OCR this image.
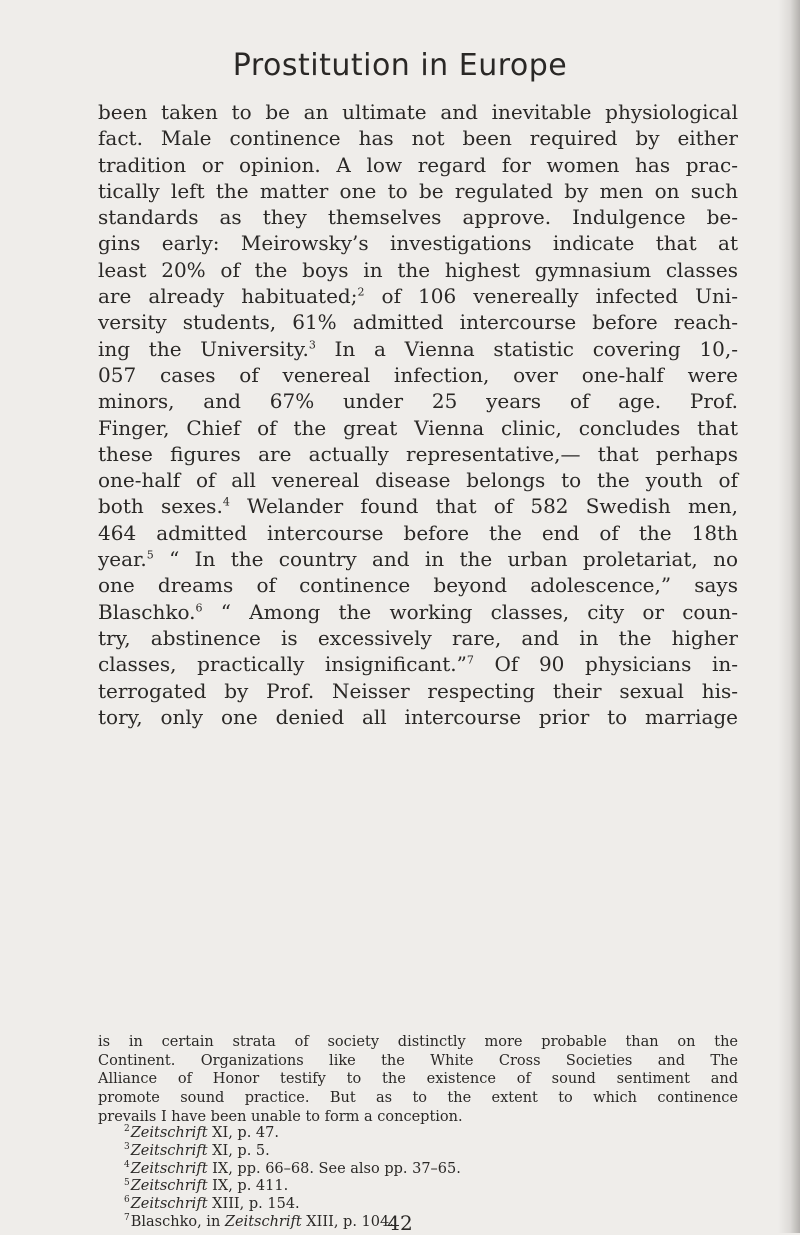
Prostitution in Europe
been taken to be an ultimate and inevitable physiological
fact. Male continence has not been required by either
tradition or opinion. A low regard for women has prac-
tically left the matter one to be regulated by men on such
standards as they themselves approve. Indulgence be-
gins early: Meirowsky’s investigations indicate that at
least 20% of the boys in the highest gymnasium classes
are already habituated;$^2$ of 106 venereally infected Uni-
versity students, 61% admitted intercourse before reach-
ing the University.$^3$ In a Vienna statistic covering 10,-
057 cases of venereal infection, over one-half were
minors, and 67% under 25 years of age. Prof.
Finger, Chief of the great Vienna clinic, concludes that
these figures are actually representative,— that perhaps
one-half of all venereal disease belongs to the youth of
both sexes.$^4$ Welander found that of 582 Swedish men,
464 admitted intercourse before the end of the 18th
year.$^5$ “ In the country and in the urban proletariat, no
one dreams of continence beyond adolescence,” says
Blaschko.$^6$ “ Among the working classes, city or coun-
try, abstinence is excessively rare, and in the higher
classes, practically insignificant.”$^7$ Of 90 physicians in-
terrogated by Prof. Neisser respecting their sexual his-
tory, only one denied all intercourse prior to marriage
is in certain strata of society distinctly more probable than on the
Continent. Organizations like the White Cross Societies and The
Alliance of Honor testify to the existence of sound sentiment and
promote sound practice. But as to the extent to which continence
prevails I have been unable to form a conception.
$^2$Zeitschrift XI, p. 47.
$^3$Zeitschrift XI, p. 5.
$^4$Zeitschrift IX, pp. 66–68. See also pp. 37–65.
$^5$Zeitschrift IX, p. 411.
$^6$Zeitschrift XIII, p. 154.
$^7$Blaschko, in Zeitschrift XIII, p. 104.
42
